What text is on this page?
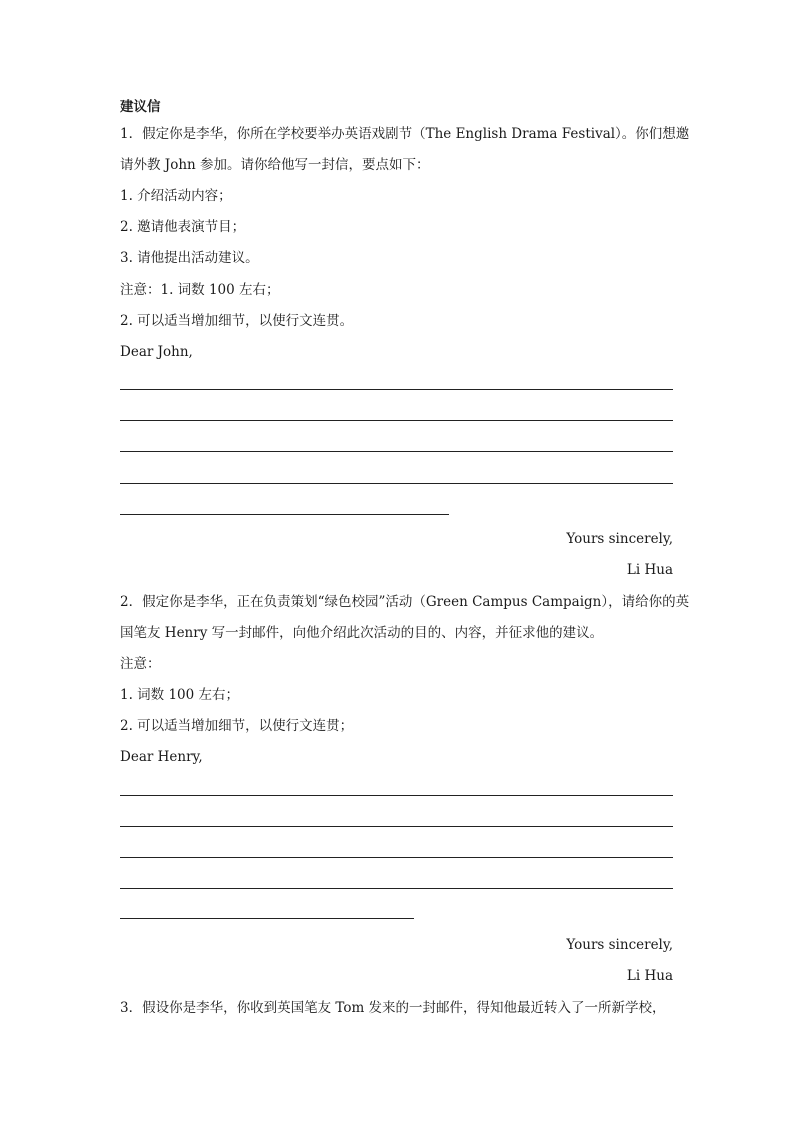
建议信
1．假定你是李华，你所在学校要举办英语戏剧节（The English Drama Festival）。你们想邀
请外教 John 参加。请你给他写一封信，要点如下：
1. 介绍活动内容；
2. 邀请他表演节目；
3. 请他提出活动建议。
注意：1. 词数 100 左右；
2. 可以适当增加细节，以使行文连贯。
Dear John,
Yours sincerely,
Li Hua
2．假定你是李华，正在负责策划“绿色校园”活动（Green Campus Campaign），请给你的英
国笔友 Henry 写一封邮件，向他介绍此次活动的目的、内容，并征求他的建议。
注意：
1. 词数 100 左右；
2. 可以适当增加细节，以使行文连贯；
Dear Henry,
Yours sincerely,
Li Hua
3．假设你是李华，你收到英国笔友 Tom 发来的一封邮件，得知他最近转入了一所新学校，
